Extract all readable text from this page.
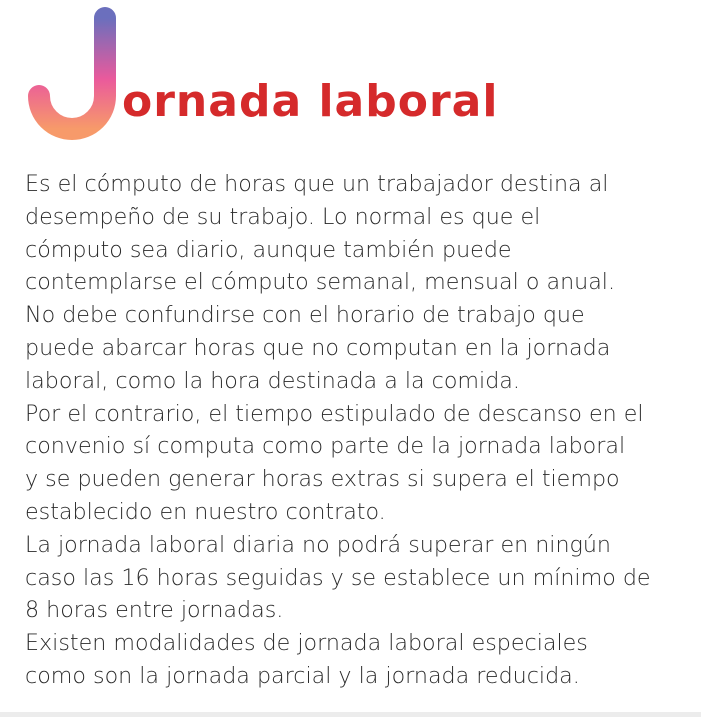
ornada laboral
Es el cómputo de horas que un trabajador destina al
desempeño de su trabajo. Lo normal es que el
cómputo sea diario, aunque también puede
contemplarse el cómputo semanal, mensual o anual.
No debe confundirse con el horario de trabajo que
puede abarcar horas que no computan en la jornada
laboral, como la hora destinada a la comida.
Por el contrario, el tiempo estipulado de descanso en el
convenio sí computa como parte de la jornada laboral
y se pueden generar horas extras si supera el tiempo
establecido en nuestro contrato.
La jornada laboral diaria no podrá superar en ningún
caso las 16 horas seguidas y se establece un mínimo de
8 horas entre jornadas.
Existen modalidades de jornada laboral especiales
como son la jornada parcial y la jornada reducida.
